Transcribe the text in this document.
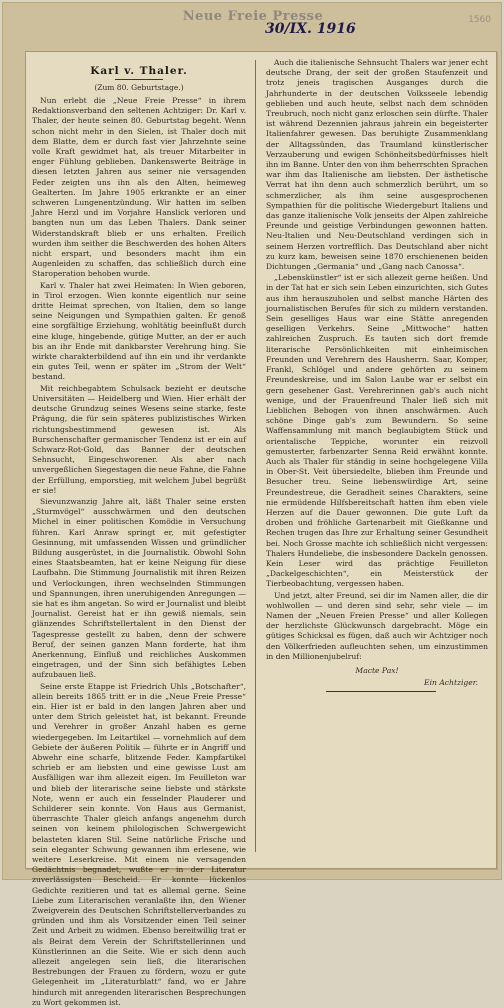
Neue Freie Presse
30/IX. 1916
1560
Karl v. Thaler.
(Zum 80. Geburtstage.)

Nun erlebt die „Neue Freie Presse“ in ihrem Redaktionsverband den seltenen Achtziger: Dr. Karl v. Thaler, der heute seinen 80. Geburtstag begeht. Wenn schon nicht mehr in den Sielen, ist Thaler doch mit dem Blatte, dem er durch fast vier Jahrzehnte seine volle Kraft gewidmet hat, als treuer Mitarbeiter in enger Fühlung geblieben. Dankenswerte Beiträge in diesen letzten Jahren aus seiner nie versagenden Feder zeigten uns ihn als den Alten, heimeweg Gealterten. Im Jahre 1905 erkrankte er an einer schweren Lungenentzündung. Wir hatten im selben Jahre Herzl und im Vorjahre Hanslick verloren und bangten nun um das Leben Thalers. Dank seiner Widerstandskraft blieb er uns erhalten. Freilich wurden ihm seither die Beschwerden des hohen Alters nicht erspart, und besonders macht ihm ein Augenleiden zu schaffen, das schließlich durch eine Staroperation behoben wurde.

Karl v. Thaler hat zwei Heimaten: In Wien geboren, in Tirol erzogen. Wien konnte eigentlich nur seine dritte Heimat sprechen, von Italien, dem so lange seine Neigungen und Sympathien galten. Er genoß eine sorgfältige Erziehung, wohltätig beeinflußt durch eine kluge, hingebende, gütige Mutter, an der er auch bis an ihr Ende mit dankbarster Verehrung hing. Sie wirkte charakterbildend auf ihn ein und ihr verdankte ein gutes Teil, wenn er später im „Strom der Welt“ bestand.

Mit reichbegabtem Schulsack bezieht er deutsche Universitäten — Heidelberg und Wien. Hier erhält der deutsche Grundzug seines Wesens seine starke, feste Prägung, die für sein späteres publizistisches Wirken richtungsbestimmend gewesen ist. Als Burschenschafter germanischer Tendenz ist er ein auf Schwarz-Rot-Gold, das Banner der deutschen Sehnsucht, Eingeschworener. Als aber nach unvergeßlichen Siegestagen die neue Fahne, die Fahne der Erfüllung, emporstieg, mit welchem Jubel begrüßt er sie!

Sievunzwanzig Jahre alt, läßt Thaler seine ersten „Sturmvögel“ ausschwärmen und den deutschen Michel in einer politischen Komödie in Versuchung führen. Karl Anraw springt er, mit gefestigter Gesinnung, mit umfassenden Wissen und gründlicher Bildung ausgerüstet, in die Journalistik. Obwohl Sohn eines Staatsbeamten, hat er keine Neigung für diese Laufbahn. Die Stimmung Journalistik mit ihren Reizen und Verlockungen, ihren wechselnden Stimmungen und Spannungen, ihren uneruhigenden Anregungen — sie hat es ihm angetan. So wird er Journalist und bleibt Journalist. Gereist hat er ihn gewiß niemals, sein glänzendes Schriftstellertalent in den Dienst der Tagespresse gestellt zu haben, denn der schwere Beruf, der seinen ganzen Mann forderte, hat ihm Anerkennung, Einfluß und reichliches Auskommen eingetragen, und der Sinn sich befähigtes Leben aufzubauen ließ.

Seine erste Etappe ist Friedrich Uhls „Botschafter“, allein bereits 1865 tritt er in die „Neue Freie Presse“ ein. Hier ist er bald in den langen Jahren aber und unter dem Strich geleistet hat, ist bekannt. Freunde und Verehrer in großer Anzahl haben es gerne wiedergegeben. Im Leitartikel — vornehmlich auf dem Gebiete der äußeren Politik — führte er in Angriff und Abwehr eine scharfe, blitzende Feder. Kampfartikel schrieb er am liebsten und eine gewisse Lust am Ausfälligen war ihm allezeit eigen. Im Feuilleton war und blieb der literarische seine liebste und stärkste Note, wenn er auch ein fesselnder Plauderer und Schilderer sein konnte. Von Haus aus Germanist, überraschte Thaler gleich anfangs angenehm durch seinen von keinem philologischen Schwergewicht belasteten klaren Stil. Seine natürliche Frische und sein eleganter Schwung gewannen ihm erlesene, wie weitere Leserkreise. Mit einem nie versagenden Gedächtnis begnadet, wußte er in der Literatur zuverlässigsten Bescheid. Er konnte lückenlos Gedichte rezitieren und tat es allemal gerne. Seine Liebe zum Literarischen veranlaßte ihn, den Wiener Zweigverein des Deutschen Schriftstellerverbandes zu gründen und ihm als Vorsitzender einen Teil seiner Zeit und Arbeit zu widmen. Ebenso bereitwillig trat er als Beirat dem Verein der Schriftstellerinnen und Künstlerinnen an die Seite. Wie er sich denn auch allezeit angelegen sein ließ, die literarischen Bestrebungen der Frauen zu fördern, wozu er gute Gelegenheit im „Literaturblatt“ fand, wo er Jahre hindurch mit anregenden literarischen Besprechungen zu Wort gekommen ist.

Auch die italienische Sehnsucht Thalers war jener echt deutsche Drang, der seit der großen Staufenzeit und trotz jeneis tragischen Ausganges durch die Jahrhunderte in der deutschen Volksseele lebendig geblieben und auch heute, selbst nach dem schnöden Treubruch, noch nicht ganz erloschen sein dürfte. Thaler ist während Dezennien jahraus jahrein ein begeisterter Italienfahrer gewesen. Das beruhigte Zusammenklang der Alltagssünden, das Traumland künstlerischer Verzauberung und ewigen Schönheitsbedürfnisses hielt ihn im Banne. Unter den von ihm beherrschten Sprachen war ihm das Italienische am liebsten. Der ästhetische Verrat hat ihn denn auch schmerzlich berührt, um so schmerzlicher, als ihm seine ausgesprochenen Sympathien für die politische Wiedergeburt Italiens und das ganze italienische Volk jenseits der Alpen zahlreiche Freunde und geistige Verbindungen gewonnen hatten. Neu-Italien und Neu-Deutschland verdingen sich in seinem Herzen vortrefflich. Das Deutschland aber nicht zu kurz kam, beweisen seine 1870 erschienenen beiden Dichtungen „Germania“ und „Gang nach Canossa“.

„Lebenskünstler“ ist er sich allezeit gerne heißen. Und in der Tat hat er sich sein Leben einzurichten, sich Gutes aus ihm herauszuholen und selbst manche Härten des journalistischen Berufes für sich zu mildern verstanden. Sein geselliges Haus war eine Stätte anregenden geselligen Verkehrs. Seine „Mittwoche“ hatten zahlreichen Zuspruch. Es tauten sich dort fremde literarische Persönlichkeiten mit einheimischen Freunden und Verehrern des Hausherrn. Saar, Komper, Frankl, Schlögel und andere gehörten zu seinem Freundeskreise, und im Salon Laube war er selbst ein gern gesehener Gast. Verehrerinnen gab's auch nicht wenige, und der Frauenfreund Thaler ließ sich mit Lieblichen Bebogen von ihnen anschwärmen. Auch schöne Dinge gab's zum Bewundern. So seine Waffensammlung mit manch beglaubigtem Stück und orientalische Teppiche, worunter ein reizvoll gemusterter, farbenzarter Senna Reid erwähnt konnte. Auch als Thaler für ständig in seine hochgelegene Villa in Ober-St. Veit übersiedelte, blieben ihm Freunde und Besucher treu. Seine liebenswürdige Art, seine Freundestreue, die Geradheit seines Charakters, seine nie ermüdende Hilfsbereitschaft hatten ihm eben viele Herzen auf die Dauer gewonnen. Die gute Luft da droben und fröhliche Gartenarbeit mit Gießkanne und Rechen trugen das Ihre zur Erhaltung seiner Gesundheit bei. Noch Grosse machte ich schließlich nicht vergessen: Thalers Hundeliebe, die insbesondere Dackeln genossen. Kein Leser wird das prächtige Feuilleton „Dackelgeschichten“, ein Meisterstück der Tierbeobachtung, vergessen haben.

Und jetzt, alter Freund, sei dir im Namen aller, die dir wohlwollen — und deren sind sehr, sehr viele — im Namen der „Neuen Freien Presse“ und aller Kollegen der herzlichste Glückwunsch dargebracht. Möge ein gütiges Schicksal es fügen, daß auch wir Achtziger noch den Völkerfrieden aufleuchten sehen, um einzustimmen in den Millionenjubelruf:

Macte Pax!
Ein Achtziger.
